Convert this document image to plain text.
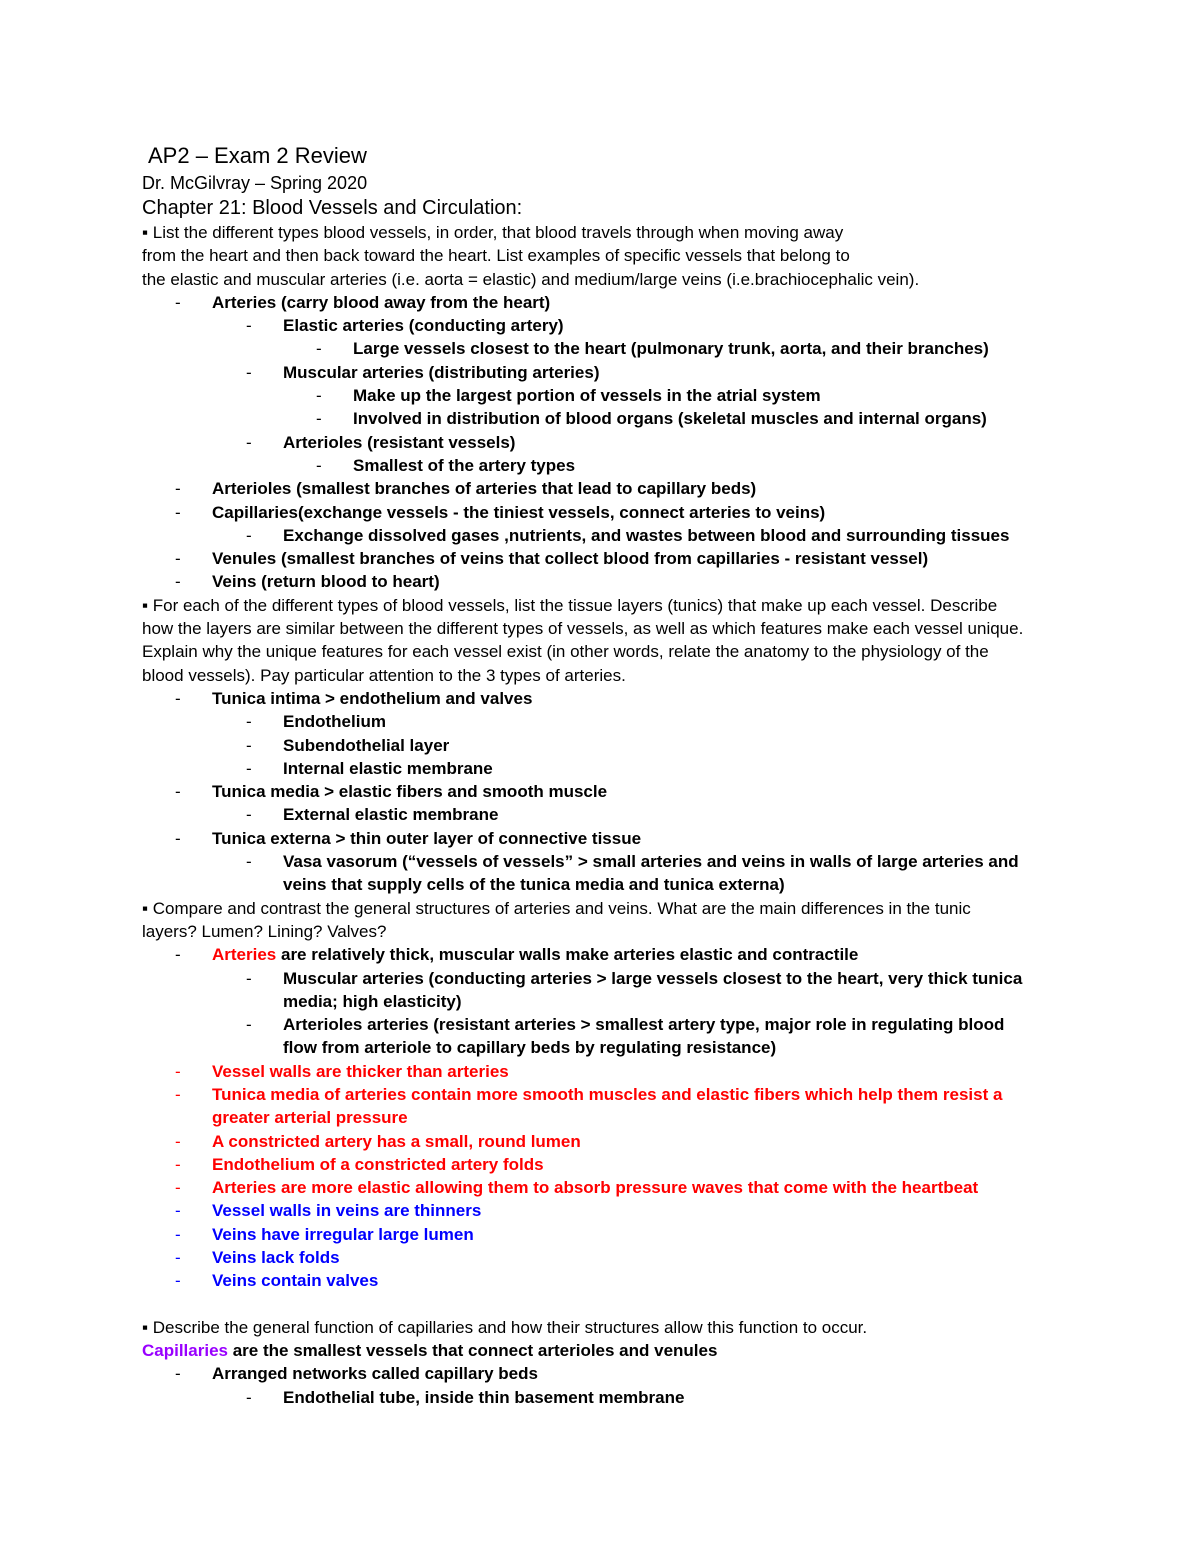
AP2 – Exam 2 Review
Dr. McGilvray – Spring 2020
Chapter 21: Blood Vessels and Circulation:
▪ List the different types blood vessels, in order, that blood travels through when moving away
from the heart and then back toward the heart. List examples of specific vessels that belong to
the elastic and muscular arteries (i.e. aorta = elastic) and medium/large veins (i.e.brachiocephalic vein).
- Arteries (carry blood away from the heart)
- Elastic arteries (conducting artery)
- Large vessels closest to the heart (pulmonary trunk, aorta, and their branches)
- Muscular arteries (distributing arteries)
- Make up the largest portion of vessels in the atrial system
- Involved in distribution of blood organs (skeletal muscles and internal organs)
- Arterioles (resistant vessels)
- Smallest of the artery types
- Arterioles (smallest branches of arteries that lead to capillary beds)
- Capillaries(exchange vessels - the tiniest vessels, connect arteries to veins)
- Exchange dissolved gases ,nutrients, and wastes between blood and surrounding tissues
- Venules (smallest branches of veins that collect blood from capillaries - resistant vessel)
- Veins (return blood to heart)
▪ For each of the different types of blood vessels, list the tissue layers (tunics) that make up each vessel. Describe
how the layers are similar between the different types of vessels, as well as which features make each vessel unique.
Explain why the unique features for each vessel exist (in other words, relate the anatomy to the physiology of the
blood vessels). Pay particular attention to the 3 types of arteries.
- Tunica intima > endothelium and valves
- Endothelium
- Subendothelial layer
- Internal elastic membrane
- Tunica media > elastic fibers and smooth muscle
- External elastic membrane
- Tunica externa > thin outer layer of connective tissue
- Vasa vasorum (“vessels of vessels” > small arteries and veins in walls of large arteries and
veins that supply cells of the tunica media and tunica externa)
▪ Compare and contrast the general structures of arteries and veins. What are the main differences in the tunic
layers? Lumen? Lining? Valves?
- Arteries are relatively thick, muscular walls make arteries elastic and contractile
- Muscular arteries (conducting arteries > large vessels closest to the heart, very thick tunica
media; high elasticity)
- Arterioles arteries (resistant arteries > smallest artery type, major role in regulating blood
flow from arteriole to capillary beds by regulating resistance)
- Vessel walls are thicker than arteries
- Tunica media of arteries contain more smooth muscles and elastic fibers which help them resist a
greater arterial pressure
- A constricted artery has a small, round lumen
- Endothelium of a constricted artery folds
- Arteries are more elastic allowing them to absorb pressure waves that come with the heartbeat
- Vessel walls in veins are thinners
- Veins have irregular large lumen
- Veins lack folds
- Veins contain valves
▪ Describe the general function of capillaries and how their structures allow this function to occur.
Capillaries are the smallest vessels that connect arterioles and venules
- Arranged networks called capillary beds
- Endothelial tube, inside thin basement membrane
